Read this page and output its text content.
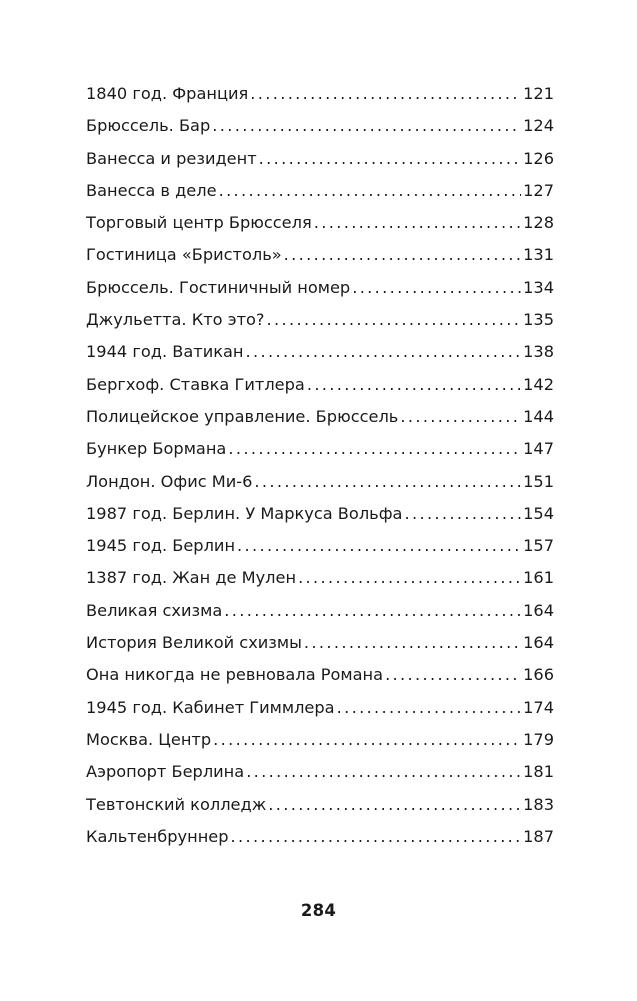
1840 год. Франция . . .	121
Брюссель. Бар . . .	124
Ванесса и резидент . . .	126
Ванесса в деле . . .	127
Торговый центр Брюсселя . . .	128
Гостиница «Бристоль» . . .	131
Брюссель. Гостиничный номер . . .	134
Джульетта. Кто это? . . .	135
1944 год. Ватикан . . .	138
Бергхоф. Ставка Гитлера . . .	142
Полицейское управление. Брюссель . . .	144
Бункер Бормана . . .	147
Лондон. Офис Ми-6 . . .	151
1987 год. Берлин. У Маркуса Вольфа . . .	154
1945 год. Берлин . . .	157
1387 год. Жан де Мулен . . .	161
Великая схизма . . .	164
История Великой схизмы . . .	164
Она никогда не ревновала Романа . . .	166
1945 год. Кабинет Гиммлера . . .	174
Москва. Центр . . .	179
Аэропорт Берлина . . .	181
Тевтонский колледж . . .	183
Кальтенбруннер . . .	187
284
